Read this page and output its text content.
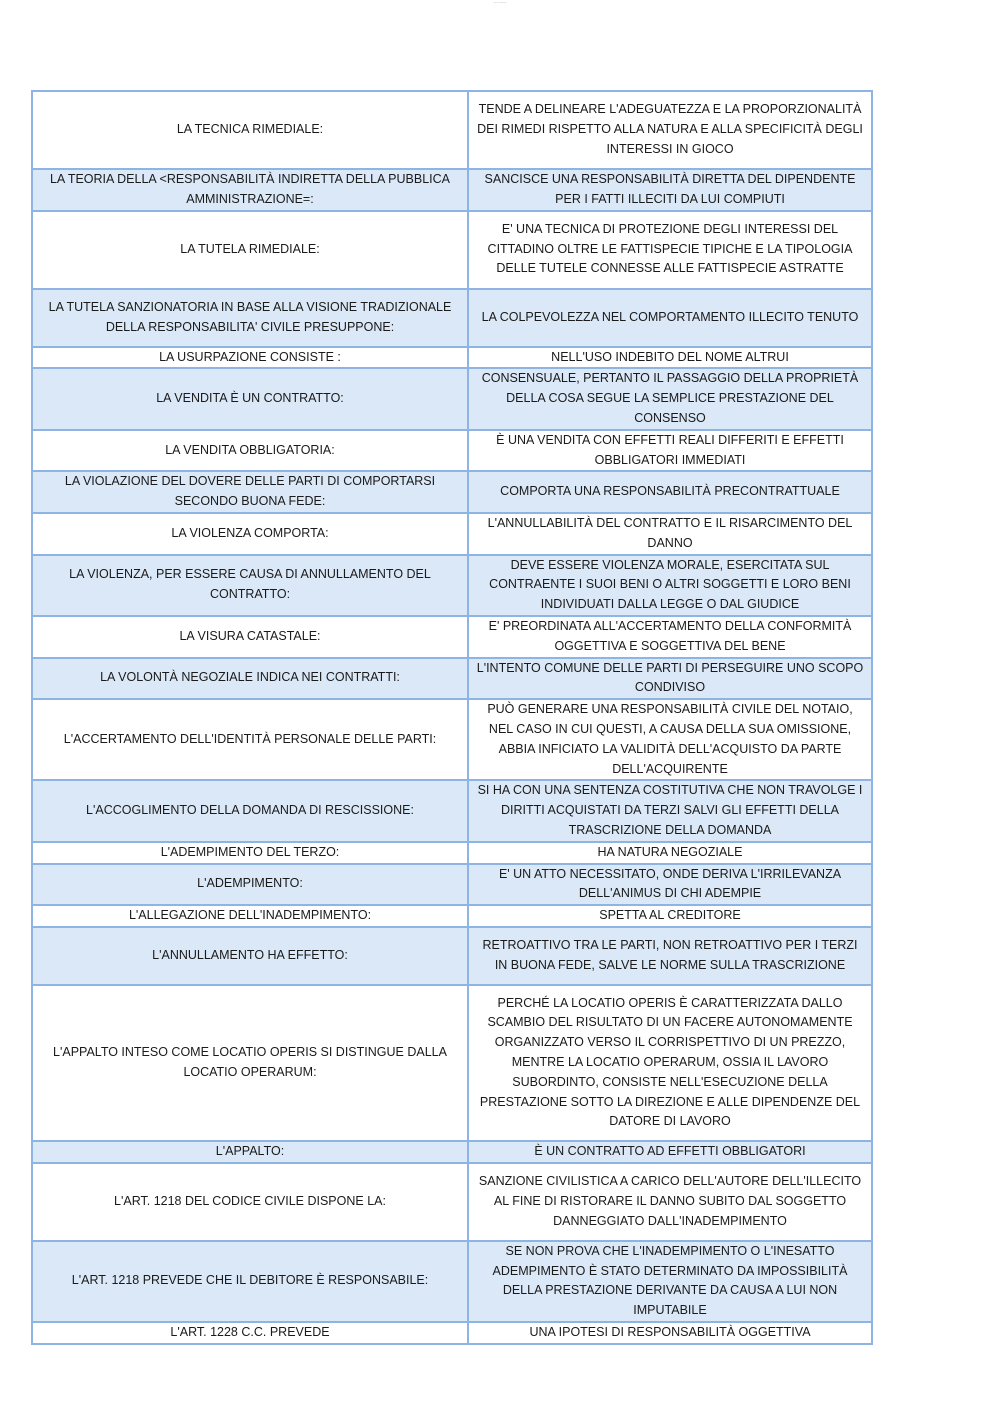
— ——
LA TECNICA RIMEDIALE:	TENDE A DELINEARE L'ADEGUATEZZA E LA PROPORZIONALITÀ DEI RIMEDI RISPETTO ALLA NATURA E ALLA SPECIFICITÀ DEGLI INTERESSI IN GIOCO
LA TEORIA DELLA <RESPONSABILITÀ INDIRETTA DELLA PUBBLICA AMMINISTRAZIONE=:	SANCISCE UNA RESPONSABILITÀ DIRETTA DEL DIPENDENTE PER I FATTI ILLECITI DA LUI COMPIUTI
LA TUTELA RIMEDIALE:	E' UNA TECNICA DI PROTEZIONE DEGLI INTERESSI DEL CITTADINO OLTRE LE FATTISPECIE TIPICHE E LA TIPOLOGIA DELLE TUTELE CONNESSE ALLE FATTISPECIE ASTRATTE
LA TUTELA SANZIONATORIA IN BASE ALLA VISIONE TRADIZIONALE DELLA RESPONSABILITA' CIVILE PRESUPPONE:	LA COLPEVOLEZZA NEL COMPORTAMENTO ILLECITO TENUTO
LA USURPAZIONE CONSISTE :	NELL'USO INDEBITO DEL NOME ALTRUI
LA VENDITA È UN CONTRATTO:	CONSENSUALE, PERTANTO IL PASSAGGIO DELLA PROPRIETÀ DELLA COSA SEGUE LA SEMPLICE PRESTAZIONE DEL CONSENSO
LA VENDITA OBBLIGATORIA:	È UNA VENDITA CON EFFETTI REALI DIFFERITI E EFFETTI OBBLIGATORI IMMEDIATI
LA VIOLAZIONE DEL DOVERE DELLE PARTI DI COMPORTARSI SECONDO BUONA FEDE:	COMPORTA UNA RESPONSABILITÀ PRECONTRATTUALE
LA VIOLENZA COMPORTA:	L'ANNULLABILITÀ DEL CONTRATTO E IL RISARCIMENTO DEL DANNO
LA VIOLENZA, PER ESSERE CAUSA DI ANNULLAMENTO DEL CONTRATTO:	DEVE ESSERE VIOLENZA MORALE, ESERCITATA SUL CONTRAENTE I SUOI BENI O ALTRI SOGGETTI E LORO BENI INDIVIDUATI DALLA LEGGE O DAL GIUDICE
LA VISURA CATASTALE:	E' PREORDINATA ALL'ACCERTAMENTO DELLA CONFORMITÀ OGGETTIVA E SOGGETTIVA DEL BENE
LA VOLONTÀ NEGOZIALE INDICA NEI CONTRATTI:	L'INTENTO COMUNE DELLE PARTI DI PERSEGUIRE UNO SCOPO CONDIVISO
L'ACCERTAMENTO DELL'IDENTITÀ PERSONALE DELLE PARTI:	PUÒ GENERARE UNA RESPONSABILITÀ CIVILE DEL NOTAIO, NEL CASO IN CUI QUESTI, A CAUSA DELLA SUA OMISSIONE, ABBIA INFICIATO LA VALIDITÀ DELL'ACQUISTO DA PARTE DELL'ACQUIRENTE
L'ACCOGLIMENTO DELLA DOMANDA DI RESCISSIONE:	SI HA CON UNA SENTENZA COSTITUTIVA CHE NON TRAVOLGE I DIRITTI ACQUISTATI DA TERZI SALVI GLI EFFETTI DELLA TRASCRIZIONE DELLA DOMANDA
L'ADEMPIMENTO DEL TERZO:	HA NATURA NEGOZIALE
L'ADEMPIMENTO:	E' UN ATTO NECESSITATO, ONDE DERIVA L'IRRILEVANZA DELL'ANIMUS DI CHI ADEMPIE
L'ALLEGAZIONE DELL'INADEMPIMENTO:	SPETTA AL CREDITORE
L'ANNULLAMENTO HA EFFETTO:	RETROATTIVO TRA LE PARTI, NON RETROATTIVO PER I TERZI IN BUONA FEDE, SALVE LE NORME SULLA TRASCRIZIONE
L'APPALTO INTESO COME LOCATIO OPERIS SI DISTINGUE DALLA LOCATIO OPERARUM:	PERCHÉ LA LOCATIO OPERIS È CARATTERIZZATA DALLO SCAMBIO DEL RISULTATO DI UN FACERE AUTONOMAMENTE ORGANIZZATO VERSO IL CORRISPETTIVO DI UN PREZZO, MENTRE LA LOCATIO OPERARUM, OSSIA IL LAVORO SUBORDINTO, CONSISTE NELL'ESECUZIONE DELLA PRESTAZIONE SOTTO LA DIREZIONE E ALLE DIPENDENZE DEL DATORE DI LAVORO
L'APPALTO:	È UN CONTRATTO AD EFFETTI OBBLIGATORI
L'ART. 1218 DEL CODICE CIVILE DISPONE LA:	SANZIONE CIVILISTICA A CARICO DELL'AUTORE DELL'ILLECITO AL FINE DI RISTORARE IL DANNO SUBITO DAL SOGGETTO DANNEGGIATO DALL'INADEMPIMENTO
L'ART. 1218 PREVEDE CHE IL DEBITORE È RESPONSABILE:	SE NON PROVA CHE L'INADEMPIMENTO O L'INESATTO ADEMPIMENTO È STATO DETERMINATO DA IMPOSSIBILITÀ DELLA PRESTAZIONE DERIVANTE DA CAUSA A LUI NON IMPUTABILE
L'ART. 1228 C.C. PREVEDE	UNA IPOTESI DI RESPONSABILITÀ OGGETTIVA
